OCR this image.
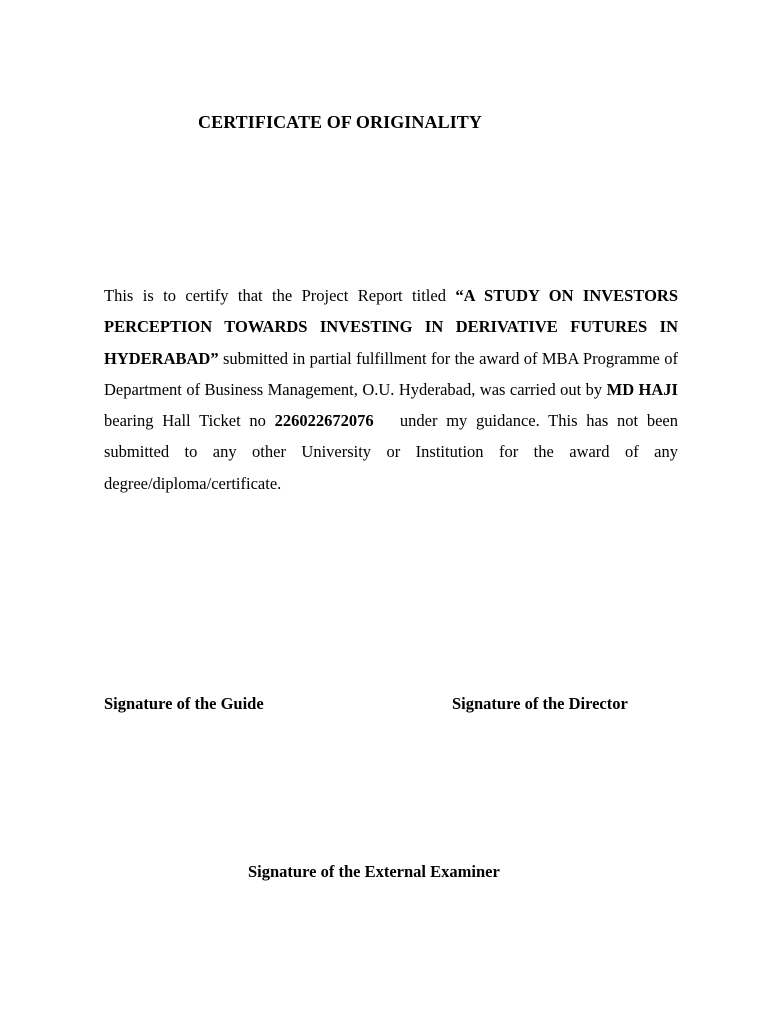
CERTIFICATE OF ORIGINALITY

This is to certify that the Project Report titled “A STUDY ON INVESTORS PERCEPTION TOWARDS INVESTING IN DERIVATIVE FUTURES IN HYDERABAD” submitted in partial fulfillment for the award of MBA Programme of Department of Business Management, O.U. Hyderabad, was carried out by MD HAJI bearing Hall Ticket no 226022672076   under my guidance. This has not been submitted to any other University or Institution for the award of any degree/diploma/certificate.

Signature of the Guide	Signature of the Director
Signature of the External Examiner
